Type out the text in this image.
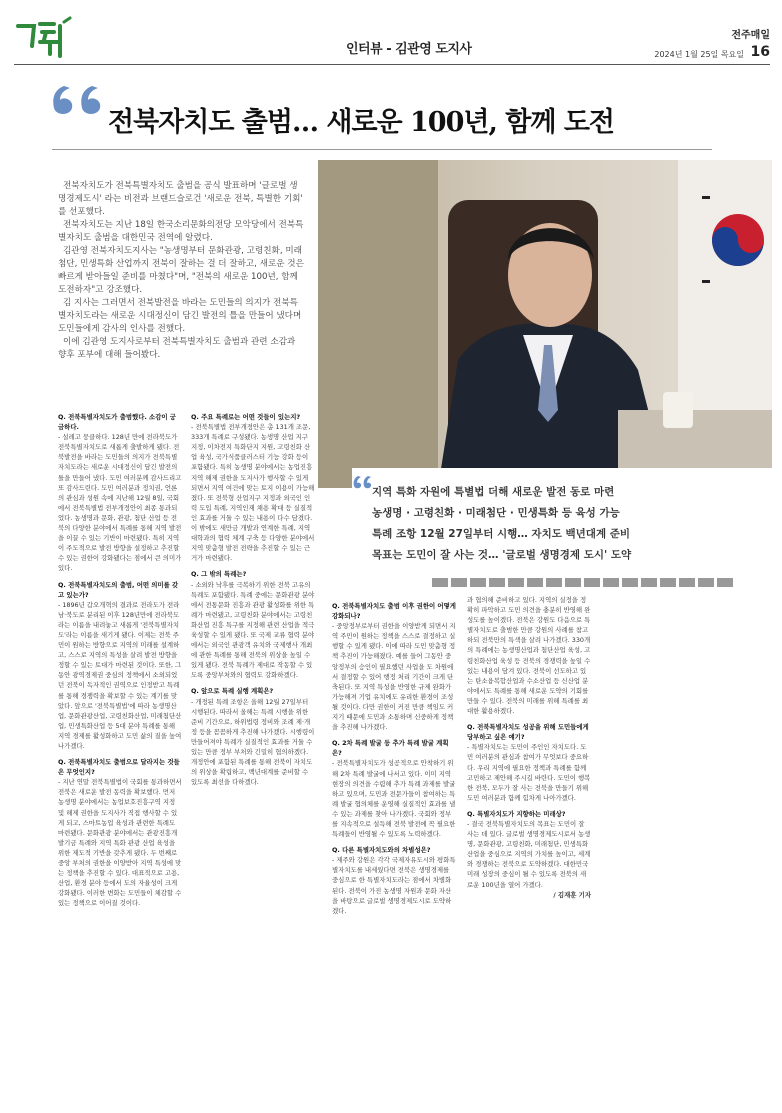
인터뷰 - 김관영 도지사
전주매일
2024년 1월 25일 목요일 16
전북자치도 출범… 새로운 100년, 함께 도전

전북자치도가 전북특별자치도 출범을 공식 발표하며 '글로벌 생명경제도시' 라는 비전과 브랜드슬로건 '새로운 전북, 특별한 기회' 를 선포했다.

전북자치도는 지난 18일 한국소리문화의전당 모악당에서 전북특별자치도 출범을 대한민국 전역에 알렸다.

김관영 전북자치도지사는 "농생명부터 문화관광, 고령친화, 미래첨단, 민생특화 산업까지 전북이 잘하는 걸 더 잘하고, 새로운 것은 빠르게 받아들일 준비를 마쳤다"며, "전북의 새로운 100년, 함께 도전하자"고 강조했다.

김 지사는 그러면서 전북발전을 바라는 도민들의 의지가 전북특별자치도라는 새로운 시대정신이 담긴 발전의 틀을 만들어 냈다며 도민들에게 감사의 인사를 전했다.

이에 김관영 도지사로부터 전북특별자치도 출범과 관련 소감과 향후 포부에 대해 들어봤다.

지역 특화 자원에 특별법 더해 새로운 발전 동로 마련
농생명 · 고령친화 · 미래첨단 · 민생특화 등 육성 가능
특례 조항 12월 27일부터 시행… 자치도 백년대계 준비
목표는 도민이 잘 사는 것… '글로벌 생명경제 도시' 도약
Q. 전북특별자치도가 출범했다. 소감이 궁금하다.

- 설레고 뭉클하다. 128년 만에 전라북도가 전북특별자치도로 새롭게 출발하게 됐다. 전북발전을 바라는 도민들의 의지가 전북특별자치도라는 새로운 시대정신이 담긴 발전의 틀을 만들어 냈다. 도민 여러분께 감사드리고 또 감사드린다. 도민 여러분과 정치권, 언론의 관심과 성원 속에 지난해 12월 8일, 국회에서 전북특별법 전부개정안이 최종 통과되었다. 농생명과 문화, 관광, 첨단 산업 등 전북의 다양한 분야에서 특례를 통해 지역 발전을 이끌 수 있는 기반이 마련됐다. 특히 지역이 주도적으로 발전 방향을 설정하고 추진할 수 있는 권한이 강화됐다는 점에서 큰 의미가 있다.

Q. 전북특별자치도의 출범, 어떤 의미를 갖고 있는가?

- 1896년 갑오개혁의 결과로 전라도가 전라남·북도로 분리된 이후 128년만에 전라북도라는 이름을 내려놓고 새롭게 '전북특별자치도'라는 이름을 새기게 됐다. 이제는 전북 주민이 원하는 방향으로 지역의 미래를 설계하고, 스스로 지역의 특성을 살려 발전 방향을 정할 수 있는 토대가 마련된 것이다. 또한, 그동안 광역경제권 중심의 정책에서 소외되었던 전북이 독자적인 권역으로 인정받고 특례를 통해 경쟁력을 확보할 수 있는 계기를 맞았다. 앞으로 '전북특별법'에 따라 농생명산업, 문화관광산업, 고령친화산업, 미래첨단산업, 민생특화산업 등 5대 분야 특례를 통해 지역 경제를 활성화하고 도민 삶의 질을 높여 나가겠다.

Q. 전북특별자치도 출범으로 달라지는 것들은 무엇인지?

- 지난 연말 전북특별법이 국회를 통과하면서 전북은 새로운 발전 동력을 확보했다. 먼저 농생명 분야에서는 농업보호진흥구역 지정 및 해제 권한을 도지사가 직접 행사할 수 있게 되고, 스마트농업 육성과 관련한 특례도 마련됐다. 문화관광 분야에서는 관광진흥개발기금 특례와 지역 특화 관광 산업 육성을 위한 제도적 기반을 갖추게 됐다. 두 번째로 중앙 부처의 권한을 이양받아 지역 특성에 맞는 정책을 추진할 수 있다. 대표적으로 고용, 산업, 환경 분야 등에서 도의 자율성이 크게 강화됐다. 이러한 변화는 도민들이 체감할 수 있는 정책으로 이어질 것이다.

Q. 주요 특례로는 어떤 것들이 있는지?

- 전북특별법 전부개정안은 총 131개 조문, 333개 특례로 구성됐다. 농생명 산업 지구 지정, 이차전지 특화단지 지원, 고령친화 산업 육성, 국가식품클러스터 기능 강화 등이 포함됐다. 특히 농생명 분야에서는 농업진흥지역 해제 권한을 도지사가 행사할 수 있게 되면서 지역 여건에 맞는 토지 이용이 가능해졌다. 또 전북형 산업지구 지정과 외국인 인력 도입 특례, 지역인재 채용 확대 등 실질적인 효과를 거둘 수 있는 내용이 다수 담겼다. 이 밖에도 새만금 개발과 연계한 특례, 지역 대학과의 협력 체계 구축 등 다양한 분야에서 지역 맞춤형 발전 전략을 추진할 수 있는 근거가 마련됐다.

Q. 그 밖의 특례는?

- 소외와 낙후를 극복하기 위한 전북 고유의 특례도 포함됐다. 특례 중에는 문화관광 분야에서 전통문화 진흥과 관광 활성화를 위한 특례가 마련됐고, 고령친화 분야에서는 고령친화산업 진흥 특구를 지정해 관련 산업을 적극 육성할 수 있게 됐다. 또 국제 교류 협력 분야에서는 외국인 관광객 유치와 국제행사 개최에 관한 특례를 통해 전북의 위상을 높일 수 있게 됐다. 전북 특례가 제대로 작동할 수 있도록 중앙부처와의 협력도 강화하겠다.

Q. 앞으로 특례 실행 계획은?

- 개정된 특례 조항은 올해 12월 27일부터 시행된다. 따라서 올해는 특례 시행을 위한 준비 기간으로, 하위법령 정비와 조례 제·개정 등을 꼼꼼하게 추진해 나가겠다. 시행령이 만들어져야 특례가 실질적인 효과를 거둘 수 있는 만큼 정부 부처와 긴밀히 협의하겠다. 개정안에 포함된 특례를 통해 전북이 자치도의 위상을 확립하고, 백년대계를 준비할 수 있도록 최선을 다하겠다.

Q. 전북특별자치도 출범 이후 권한이 어떻게 강화되나?

- 중앙정부로부터 권한을 이양받게 되면서 지역 주민이 원하는 정책을 스스로 결정하고 실행할 수 있게 됐다. 이에 따라 도민 맞춤형 정책 추진이 가능해졌다. 예를 들어 그동안 중앙정부의 승인이 필요했던 사업을 도 차원에서 결정할 수 있어 행정 처리 기간이 크게 단축된다. 또 지역 특성을 반영한 규제 완화가 가능해져 기업 유치에도 유리한 환경이 조성될 것이다. 다만 권한이 커진 만큼 책임도 커지기 때문에 도민과 소통하며 신중하게 정책을 추진해 나가겠다.

Q. 2차 특례 발굴 등 추가 특례 발굴 계획은?

- 전북특별자치도가 성공적으로 안착하기 위해 2차 특례 발굴에 나서고 있다. 이미 지역 현장의 의견을 수렴해 추가 특례 과제를 발굴하고 있으며, 도민과 전문가들이 참여하는 특례 발굴 협의체를 운영해 실질적인 효과를 낼 수 있는 과제를 찾아 나가겠다. 국회와 정부를 지속적으로 설득해 전북 발전에 꼭 필요한 특례들이 반영될 수 있도록 노력하겠다.

Q. 다른 특별자치도와의 차별성은?

- 제주와 강원은 각각 국제자유도시와 평화특별자치도를 내세웠다면 전북은 생명경제를 중심으로 한 특별자치도라는 점에서 차별화된다. 전북이 가진 농생명 자원과 문화 자산을 바탕으로 글로벌 생명경제도시로 도약하겠다.

과 협의해 준비하고 있다. 지역의 실정을 정확히 파악하고 도민 의견을 충분히 반영해 완성도를 높이겠다. 전북은 강원도 다음으로 특별자치도로 출범한 만큼 강원의 사례를 참고하되 전북만의 특색을 살려 나가겠다. 330개의 특례에는 농생명산업과 첨단산업 육성, 고령친화산업 육성 등 전북의 경쟁력을 높일 수 있는 내용이 담겨 있다. 전북이 선도하고 있는 탄소융복합산업과 수소산업 등 신산업 분야에서도 특례를 통해 새로운 도약의 기회를 만들 수 있다. 전북의 미래를 위해 특례를 최대한 활용하겠다.

Q. 전북특별자치도 성공을 위해 도민들에게 당부하고 싶은 얘기?

- 특별자치도는 도민이 주인인 자치도다. 도민 여러분의 관심과 참여가 무엇보다 중요하다. 우리 지역에 필요한 정책과 특례를 함께 고민하고 제안해 주시길 바란다. 도민이 행복한 전북, 모두가 잘 사는 전북을 만들기 위해 도민 여러분과 함께 힘차게 나아가겠다.

Q. 특별자치도가 지향하는 미래상?

- 결국 전북특별자치도의 목표는 도민이 잘 사는 데 있다. 글로벌 생명경제도시로서 농생명, 문화관광, 고령친화, 미래첨단, 민생특화 산업을 중심으로 지역의 가치를 높이고, 세계와 경쟁하는 전북으로 도약하겠다. 대한민국 미래 성장의 중심이 될 수 있도록 전북의 새로운 100년을 열어 가겠다.

/ 김재훈 기자
